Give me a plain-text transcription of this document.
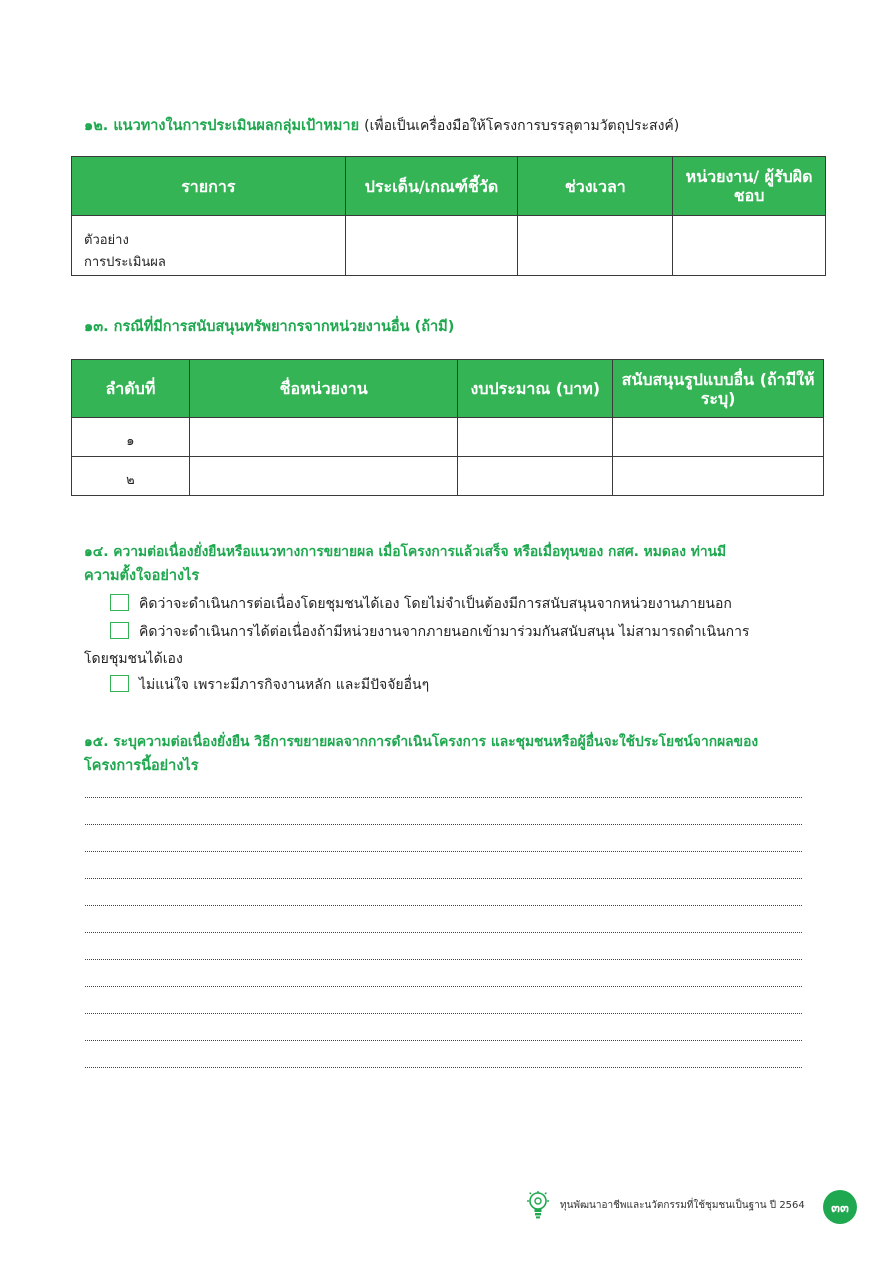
๑๒. แนวทางในการประเมินผลกลุ่มเป้าหมาย (เพื่อเป็นเครื่องมือให้โครงการบรรลุตามวัตถุประสงค์)
รายการ	ประเด็น/เกณฑ์ชี้วัด	ช่วงเวลา	หน่วยงาน/ ผู้รับผิดชอบ

ตัวอย่าง
การประเมินผล			

๑๓. กรณีที่มีการสนับสนุนทรัพยากรจากหน่วยงานอื่น (ถ้ามี)
ลำดับที่	ชื่อหน่วยงาน	งบประมาณ (บาท)	สนับสนุนรูปแบบอื่น (ถ้ามีให้ระบุ)
๑			
๒			
๑๔. ความต่อเนื่องยั่งยืนหรือแนวทางการขยายผล เมื่อโครงการแล้วเสร็จ หรือเมื่อทุนของ กสศ. หมดลง ท่านมี
ความตั้งใจอย่างไร
คิดว่าจะดำเนินการต่อเนื่องโดยชุมชนได้เอง โดยไม่จำเป็นต้องมีการสนับสนุนจากหน่วยงานภายนอก
คิดว่าจะดำเนินการได้ต่อเนื่องถ้ามีหน่วยงานจากภายนอกเข้ามาร่วมกันสนับสนุน ไม่สามารถดำเนินการ
โดยชุมชนได้เอง
ไม่แน่ใจ เพราะมีภารกิจงานหลัก และมีปัจจัยอื่นๆ
๑๕. ระบุความต่อเนื่องยั่งยืน วิธีการขยายผลจากการดำเนินโครงการ และชุมชนหรือผู้อื่นจะใช้ประโยชน์จากผลของ
โครงการนี้อย่างไร
ทุนพัฒนาอาชีพและนวัตกรรมที่ใช้ชุมชนเป็นฐาน ปี 2564	๓๓
